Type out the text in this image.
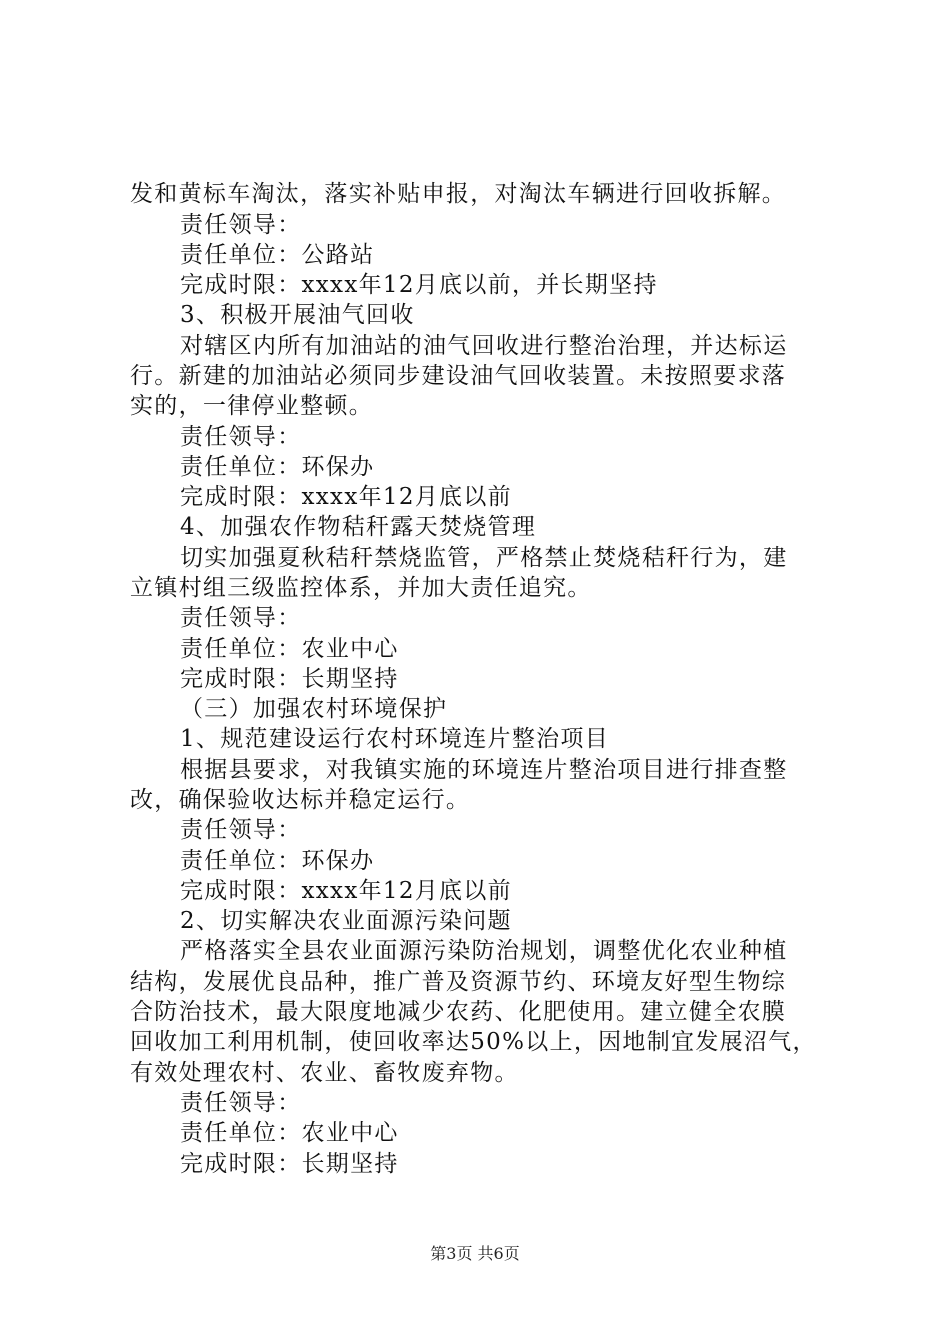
发和黄标车淘汰，落实补贴申报，对淘汰车辆进行回收拆解。
责任领导：
责任单位：公路站
完成时限：xxxx年12月底以前，并长期坚持
3、积极开展油气回收
对辖区内所有加油站的油气回收进行整治治理，并达标运
行。新建的加油站必须同步建设油气回收装置。未按照要求落
实的，一律停业整顿。
责任领导：
责任单位：环保办
完成时限：xxxx年12月底以前
4、加强农作物秸秆露天焚烧管理
切实加强夏秋秸秆禁烧监管，严格禁止焚烧秸秆行为，建
立镇村组三级监控体系，并加大责任追究。
责任领导：
责任单位：农业中心
完成时限：长期坚持
（三）加强农村环境保护
1、规范建设运行农村环境连片整治项目
根据县要求，对我镇实施的环境连片整治项目进行排查整
改，确保验收达标并稳定运行。
责任领导：
责任单位：环保办
完成时限：xxxx年12月底以前
2、切实解决农业面源污染问题
严格落实全县农业面源污染防治规划，调整优化农业种植
结构，发展优良品种，推广普及资源节约、环境友好型生物综
合防治技术，最大限度地减少农药、化肥使用。建立健全农膜
回收加工利用机制，使回收率达50%以上，因地制宜发展沼气，
有效处理农村、农业、畜牧废弃物。
责任领导：
责任单位：农业中心
完成时限：长期坚持
第3页 共6页
